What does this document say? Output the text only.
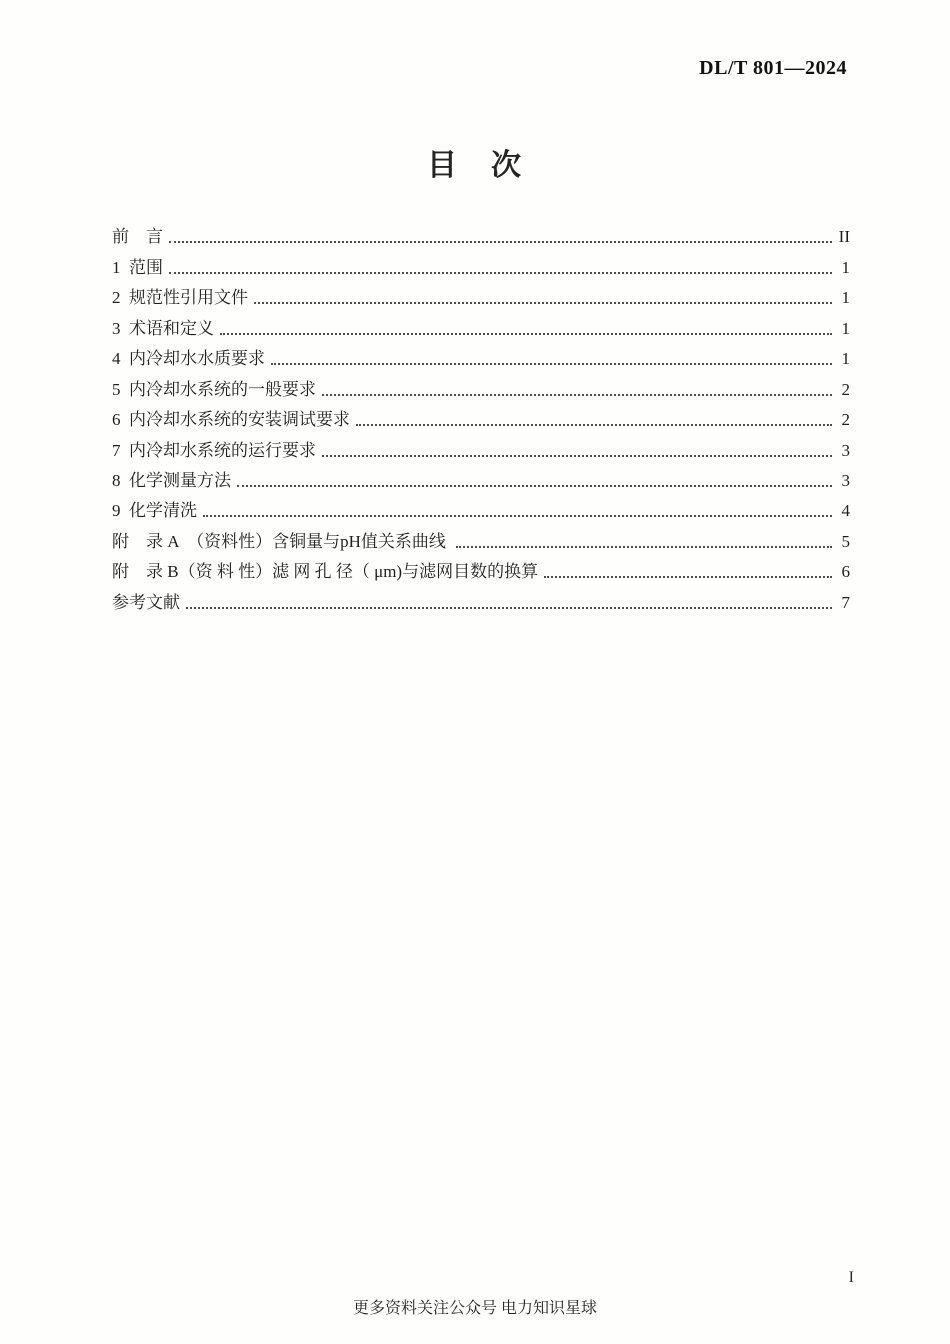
DL/T 801—2024
目　次
前　言	II
1  范围	1
2  规范性引用文件	1
3  术语和定义	1
4  内冷却水水质要求	1
5  内冷却水系统的一般要求	2
6  内冷却水系统的安装调试要求	2
7  内冷却水系统的运行要求	3
8  化学测量方法	3
9  化学清洗	4
附　录 A　（资料性）含铜量与pH值关系曲线	5
附　录 B（资 料 性）滤 网 孔 径（ μm)与滤网目数的换算	6
参考文献	7
I
更多资料关注公众号 电力知识星球
